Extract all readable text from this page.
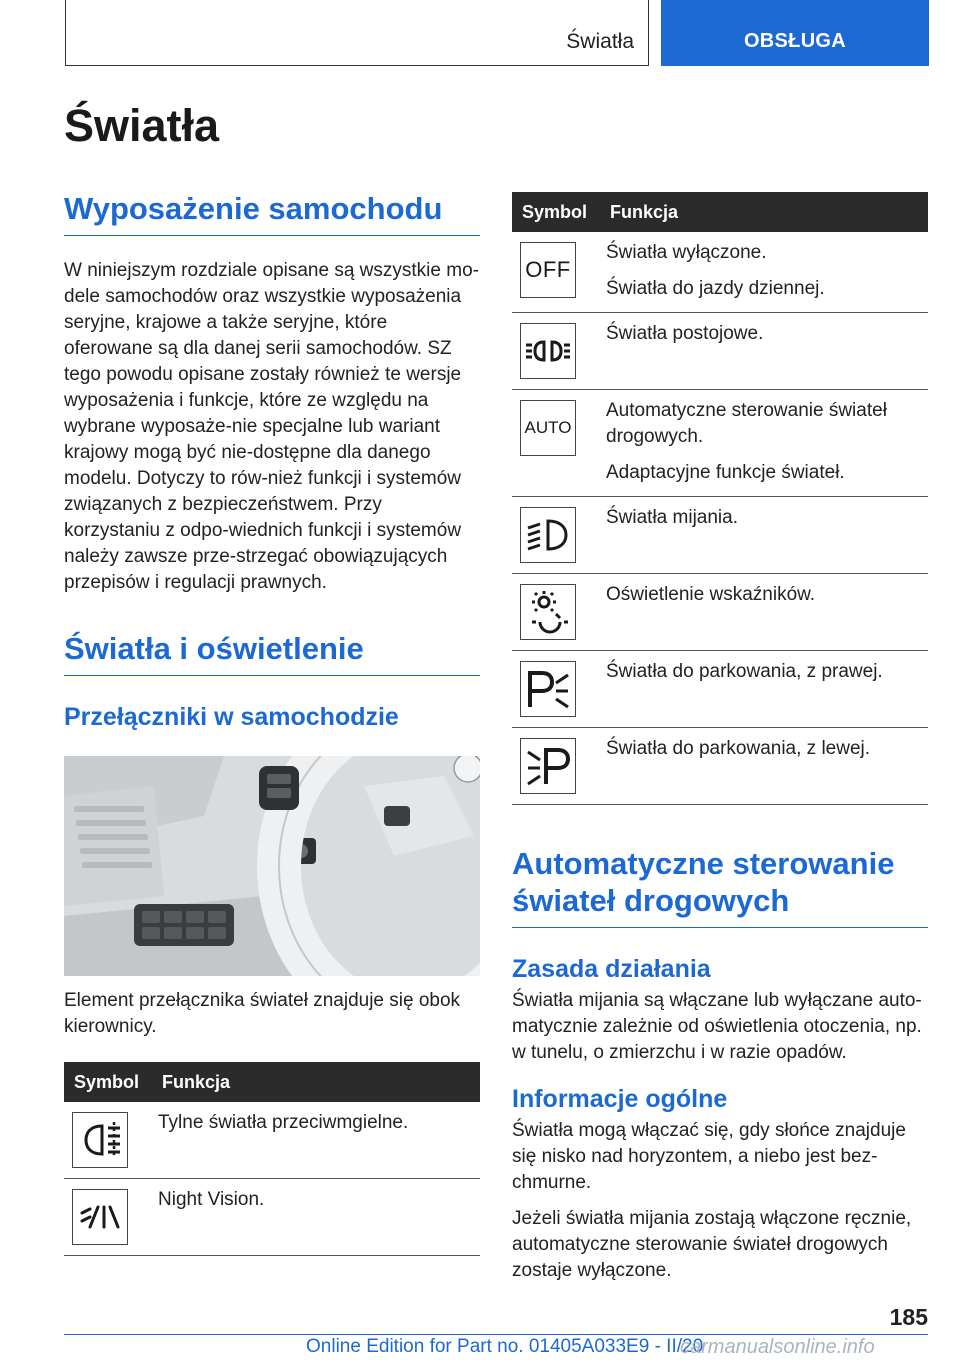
Światła	OBSŁUGA
Światła
Wyposażenie samochodu

W niniejszym rozdziale opisane są wszystkie mo-dele samochodów oraz wszystkie wyposażenia seryjne, krajowe a także seryjne, które oferowane są dla danej serii samochodów. SZ tego powodu opisane zostały również te wersje wyposażenia i funkcje, które ze względu na wybrane wyposaże-nie specjalne lub wariant krajowy mogą być nie-dostępne dla danego modelu. Dotyczy to rów-nież funkcji i systemów związanych z bezpieczeństwem. Przy korzystaniu z odpo-wiednich funkcji i systemów należy zawsze prze-strzegać obowiązujących przepisów i regulacji prawnych.

Światła i oświetlenie
Przełączniki w samochodzie

Element przełącznika świateł znajduje się obok kierownicy.

Symbol	Funkcja

Tylne światła przeciwmgielne.

Night Vision.
Symbol	Funkcja

OFF	Światła wyłączone.
Światła do jazdy dziennej.

Światła postojowe.

AUTO	Automatyczne sterowanie świateł drogowych.
Adaptacyjne funkcje świateł.

Światła mijania.

Oświetlenie wskaźników.

Światła do parkowania, z prawej.

Światła do parkowania, z lewej.
Automatyczne sterowanie świateł drogowych
Zasada działania

Światła mijania są włączane lub wyłączane auto-matycznie zależnie od oświetlenia otoczenia, np. w tunelu, o zmierzchu i w razie opadów.

Informacje ogólne

Światła mogą włączać się, gdy słońce znajduje się nisko nad horyzontem, a niebo jest bez-chmurne.

Jeżeli światła mijania zostają włączone ręcznie, automatyczne sterowanie świateł drogowych zostaje wyłączone.

185
Online Edition for Part no. 01405A033E9 - II/20
carmanualsonline.info
